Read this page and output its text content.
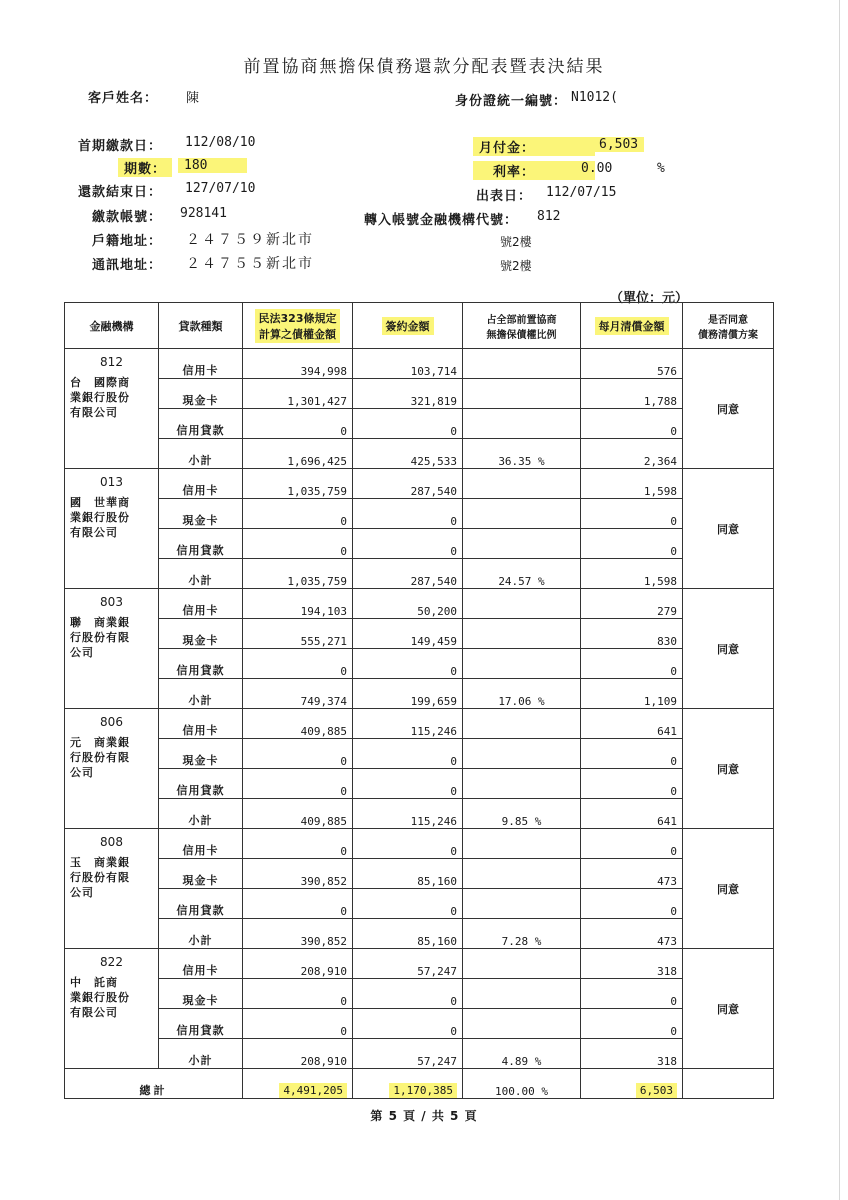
前置協商無擔保債務還款分配表暨表決結果
客戶姓名： 陳	身份證統一編號： N1012(
首期繳款日： 112/08/10
期數：	180
還款結束日： 127/07/10
繳款帳號： 928141
戶籍地址： ２４７５９新北市
通訊地址： ２４７５５新北市
月付金：	6,503
利率：	0.00	%
出表日： 112/07/15
轉入帳號金融機構代號： 812
號2樓
號2樓
（單位：元）
金融機構	貸款種類	民法323條規定
計算之債權金額	簽約金額	占全部前置協商
無擔保債權比例	每月清償金額	是否同意
債務清償方案

812
台　國際商
業銀行股份
有限公司	信用卡	394,998	103,714		576	同意
	現金卡	1,301,427	321,819		1,788	
	信用貸款	0	0		0	
	小計	1,696,425	425,533	36.35 %	2,364	

013
國　世華商
業銀行股份
有限公司	信用卡	1,035,759	287,540		1,598	同意
	現金卡	0	0		0	
	信用貸款	0	0		0	
	小計	1,035,759	287,540	24.57 %	1,598	

803
聯　商業銀
行股份有限
公司	信用卡	194,103	50,200		279	同意
	現金卡	555,271	149,459		830	
	信用貸款	0	0		0	
	小計	749,374	199,659	17.06 %	1,109	

806
元　商業銀
行股份有限
公司	信用卡	409,885	115,246		641	同意
	現金卡	0	0		0	
	信用貸款	0	0		0	
	小計	409,885	115,246	9.85 %	641	

808
玉　商業銀
行股份有限
公司	信用卡	0	0		0	同意
	現金卡	390,852	85,160		473	
	信用貸款	0	0		0	
	小計	390,852	85,160	7.28 %	473	

822
中　託商
業銀行股份
有限公司	信用卡	208,910	57,247		318	同意
	現金卡	0	0		0	
	信用貸款	0	0		0	
	小計	208,910	57,247	4.89 %	318	
總計		4,491,205	1,170,385	100.00 %	6,503	
第 5 頁 / 共 5 頁
